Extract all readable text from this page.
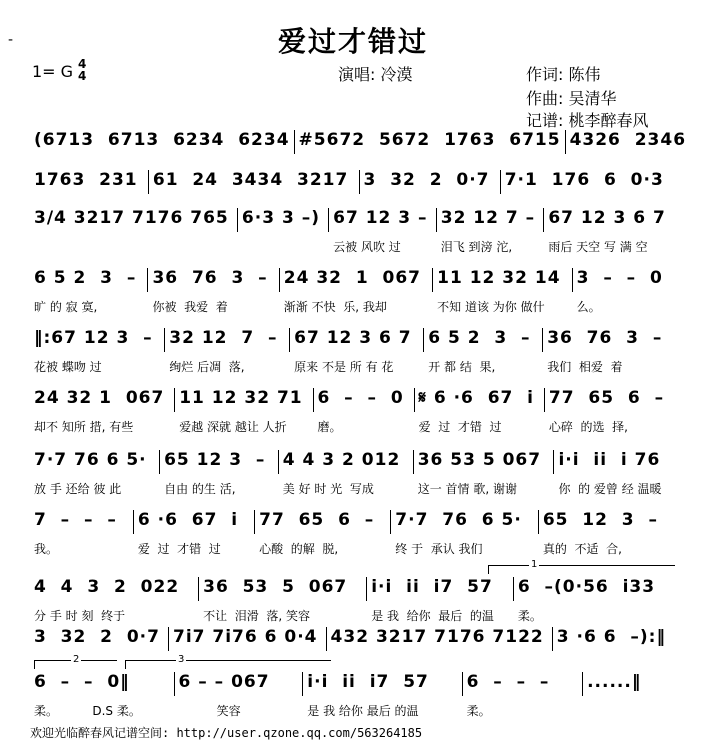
-	爱过才错过
1= G 4
4	演唱: 冷漠	作词: 陈伟
作曲: 吴清华
记谱: 桃李醉春风
(6713  6713  6234  6234 #5672  5672  1763  6715 4326  2346
1763  231 61  24  3434  3217 3  32  2  0·7 7·1  176  6  0·3
3/4 3217 7176 765 6·3 3 –) 67 12 3 –
云被 风吹 过
32 12 7 –
泪飞 到滂 沱,
67 12 3 6 7
雨后 天空 写 满 空
6 5 2  3  –
旷 的 寂 寞,
36  76  3  –
你被  我爱  着
24 32  1  067
渐渐 不快  乐, 我却
11 12 32 14
不知 道该 为你 做什
3  –  –  0
么。
‖:67 12 3  –
花被 蝶吻 过
32 12  7  –
绚烂 后凋  落,
67 12 3 6 7
原来 不是 所 有 花
6 5 2  3  –
开 都 结  果,
36  76  3  –
我们  相爱  着
24 32 1  067
却不 知所 措, 有些
11 12 32 71
爱越 深就 越让 人折
6  –  –  0
磨。
𝄋 6 ·6  67  i
爱  过  才错  过
77  65  6  –
心碎  的选  择,
7·7 76 6 5·
放 手 还给 彼 此
65 12 3  –
自由 的生 活,
4 4 3 2 012
美 好 时 光  写成
36 53 5 067
这一 首情 歌, 谢谢
i·i  ii  i 76
你  的 爱曾 经 温暖
7  –  –  –
我。
6 ·6  67  i
爱  过  才错  过
77  65  6  –
心酸  的解  脱,
7·7  76  6 5·
终 于  承认 我们
65  12  3  –
真的  不适  合,
4  4  3  2  022
分 手 时 刻  终于
36  53  5  067
不让  泪滑  落, 笑容
i·i  ii  i7  57
是 我  给你  最后  的温
6  –(0·56  i33
柔。
3  32  2  0·7 7i7 7i76 6 0·4 432 3217 7176 7122 3 ·6 6  –):‖
6  –  –  0‖
柔。         D.S 柔。
6 – – 067
笑容
i·i  ii  i7  57
是 我 给你 最后 的温
6  –  –  –
柔。
......‖
1
2	3
欢迎光临醉春风记谱空间: http://user.qzone.qq.com/563264185
